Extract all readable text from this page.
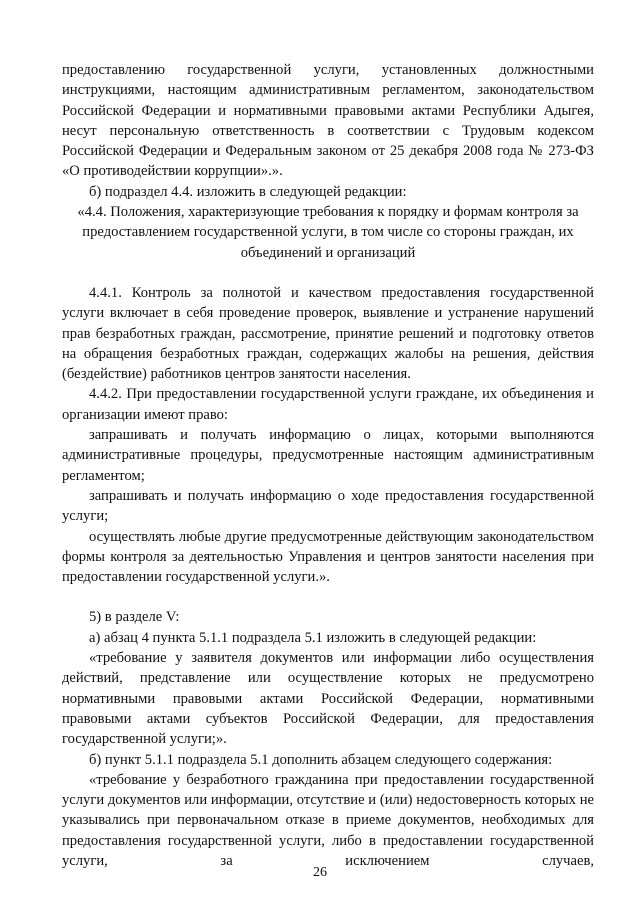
предоставлению государственной услуги, установленных должностными инструкциями, настоящим административным регламентом, законодательством Российской Федерации и нормативными правовыми актами Республики Адыгея, несут персональную ответственность в соответствии с Трудовым кодексом Российской Федерации и Федеральным законом от 25 декабря 2008 года № 273-ФЗ «О противодействии коррупции».».

б) подраздел 4.4. изложить в следующей редакции:

«4.4. Положения, характеризующие требования к порядку и формам контроля за предоставлением государственной услуги, в том числе со стороны граждан, их объединений и организаций

4.4.1. Контроль за полнотой и качеством предоставления государственной услуги включает в себя проведение проверок, выявление и устранение нарушений прав безработных граждан, рассмотрение, принятие решений и подготовку ответов на обращения безработных граждан, содержащих жалобы на решения, действия (бездействие) работников центров занятости населения.

4.4.2. При предоставлении государственной услуги граждане, их объединения и организации имеют право:

запрашивать и получать информацию о лицах, которыми выполняются административные процедуры, предусмотренные настоящим административным регламентом;

запрашивать и получать информацию о ходе предоставления государственной услуги;

осуществлять любые другие предусмотренные действующим законодательством формы контроля за деятельностью Управления и центров занятости населения при предоставлении государственной услуги.».

5) в разделе V:

а) абзац 4 пункта 5.1.1 подраздела 5.1 изложить в следующей редакции:

«требование у заявителя документов или информации либо осуществления действий, представление или осуществление которых не предусмотрено нормативными правовыми актами Российской Федерации, нормативными правовыми актами субъектов Российской Федерации, для предоставления государственной услуги;».

б) пункт 5.1.1 подраздела 5.1 дополнить абзацем следующего содержания:

«требование у безработного гражданина при предоставлении государственной услуги документов или информации, отсутствие и (или) недостоверность которых не указывались при первоначальном отказе в приеме документов, необходимых для предоставления государственной услуги, либо в предоставлении государственной услуги, за исключением случаев,

26
